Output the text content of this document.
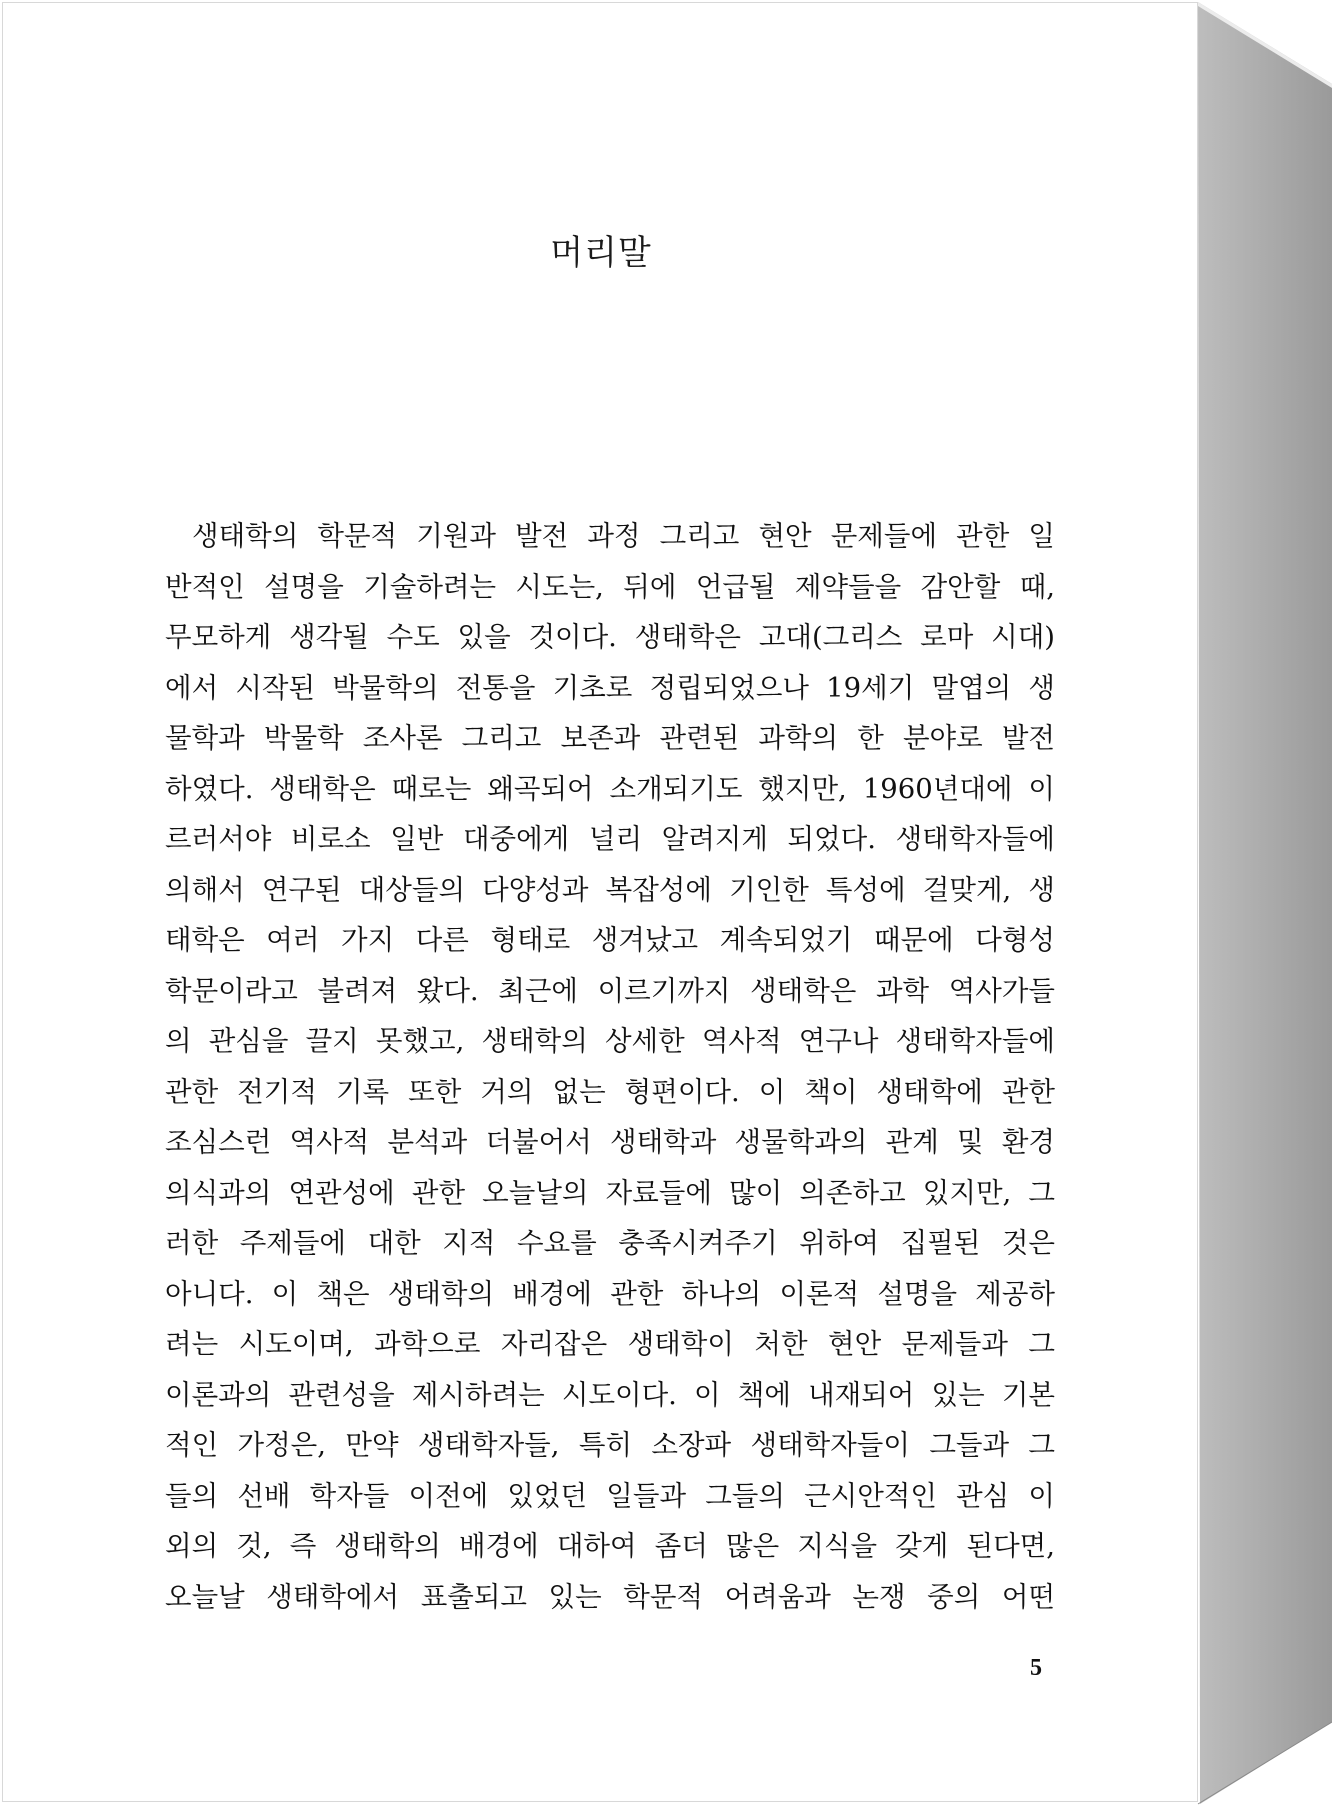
머리말
생태학의 학문적 기원과 발전 과정 그리고 현안 문제들에 관한 일
반적인 설명을 기술하려는 시도는, 뒤에 언급될 제약들을 감안할 때,
무모하게 생각될 수도 있을 것이다. 생태학은 고대(그리스 로마 시대)
에서 시작된 박물학의 전통을 기초로 정립되었으나 19세기 말엽의 생
물학과 박물학 조사론 그리고 보존과 관련된 과학의 한 분야로 발전
하였다. 생태학은 때로는 왜곡되어 소개되기도 했지만, 1960년대에 이
르러서야 비로소 일반 대중에게 널리 알려지게 되었다. 생태학자들에
의해서 연구된 대상들의 다양성과 복잡성에 기인한 특성에 걸맞게, 생
태학은 여러 가지 다른 형태로 생겨났고 계속되었기 때문에 다형성
학문이라고 불려져 왔다. 최근에 이르기까지 생태학은 과학 역사가들
의 관심을 끌지 못했고, 생태학의 상세한 역사적 연구나 생태학자들에
관한 전기적 기록 또한 거의 없는 형편이다. 이 책이 생태학에 관한
조심스런 역사적 분석과 더불어서 생태학과 생물학과의 관계 및 환경
의식과의 연관성에 관한 오늘날의 자료들에 많이 의존하고 있지만, 그
러한 주제들에 대한 지적 수요를 충족시켜주기 위하여 집필된 것은
아니다. 이 책은 생태학의 배경에 관한 하나의 이론적 설명을 제공하
려는 시도이며, 과학으로 자리잡은 생태학이 처한 현안 문제들과 그
이론과의 관련성을 제시하려는 시도이다. 이 책에 내재되어 있는 기본
적인 가정은, 만약 생태학자들, 특히 소장파 생태학자들이 그들과 그
들의 선배 학자들 이전에 있었던 일들과 그들의 근시안적인 관심 이
외의 것, 즉 생태학의 배경에 대하여 좀더 많은 지식을 갖게 된다면,
오늘날 생태학에서 표출되고 있는 학문적 어려움과 논쟁 중의 어떤
5
